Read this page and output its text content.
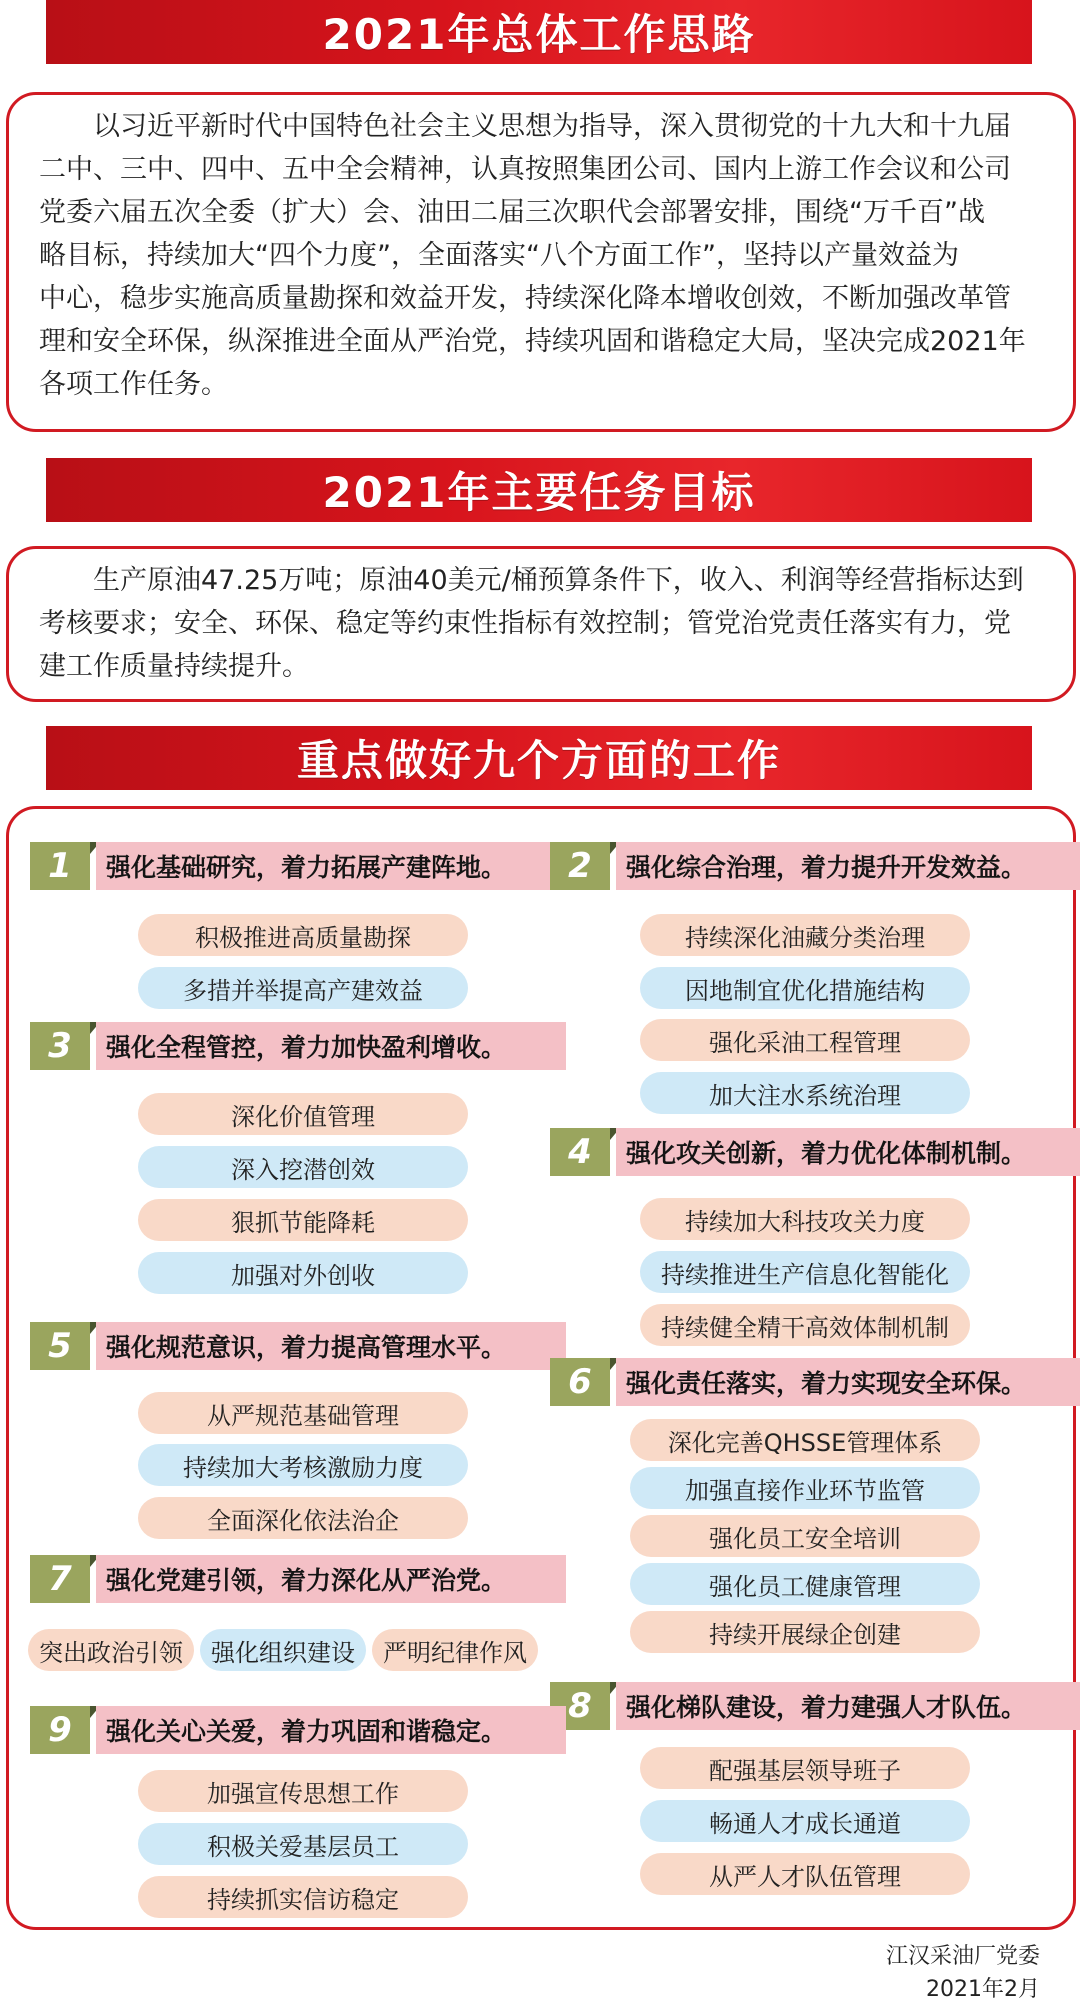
2021年总体工作思路
　　以习近平新时代中国特色社会主义思想为指导，深入贯彻党的十九大和十九届
二中、三中、四中、五中全会精神，认真按照集团公司、国内上游工作会议和公司
党委六届五次全委（扩大）会、油田二届三次职代会部署安排，围绕“万千百”战
略目标，持续加大“四个力度”，全面落实“八个方面工作”，坚持以产量效益为
中心，稳步实施高质量勘探和效益开发，持续深化降本增收创效，不断加强改革管
理和安全环保，纵深推进全面从严治党，持续巩固和谐稳定大局，坚决完成2021年
各项工作任务。
2021年主要任务目标
　　生产原油47.25万吨；原油40美元/桶预算条件下，收入、利润等经营指标达到
考核要求；安全、环保、稳定等约束性指标有效控制；管党治党责任落实有力，党
建工作质量持续提升。
重点做好九个方面的工作
1	强化基础研究，着力拓展产建阵地。
积极推进高质量勘探
多措并举提高产建效益
2	强化综合治理，着力提升开发效益。
持续深化油藏分类治理
因地制宜优化措施结构
强化采油工程管理
加大注水系统治理
3	强化全程管控，着力加快盈利增收。
深化价值管理
深入挖潜创效
狠抓节能降耗
加强对外创收
4	强化攻关创新，着力优化体制机制。
持续加大科技攻关力度
持续推进生产信息化智能化
持续健全精干高效体制机制
5	强化规范意识，着力提高管理水平。
从严规范基础管理
持续加大考核激励力度
全面深化依法治企
6	强化责任落实，着力实现安全环保。
深化完善QHSSE管理体系
加强直接作业环节监管
强化员工安全培训
强化员工健康管理
持续开展绿企创建
7	强化党建引领，着力深化从严治党。
突出政治引领	强化组织建设	严明纪律作风
8	强化梯队建设，着力建强人才队伍。
配强基层领导班子
畅通人才成长通道
从严人才队伍管理
9	强化关心关爱，着力巩固和谐稳定。
加强宣传思想工作
积极关爱基层员工
持续抓实信访稳定
江汉采油厂党委
2021年2月
